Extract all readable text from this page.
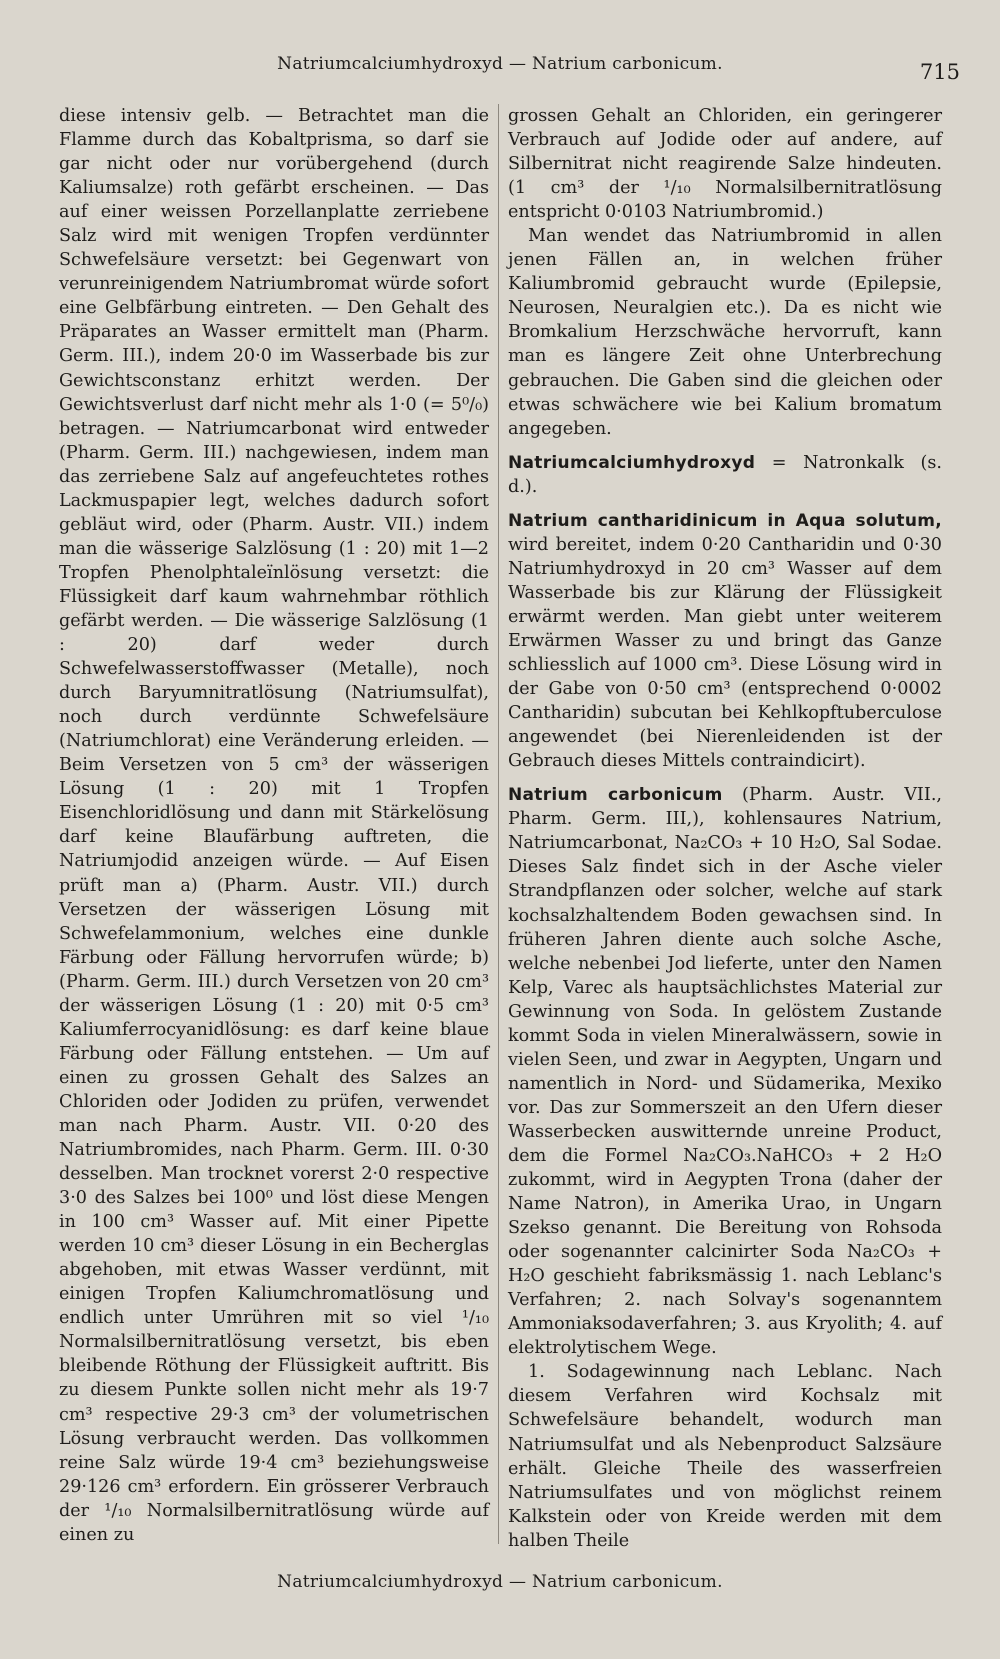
Natriumcalciumhydroxyd — Natrium carbonicum.	715

diese intensiv gelb. — Betrachtet man die Flamme durch das Kobaltprisma, so darf sie gar nicht oder nur vorübergehend (durch Kaliumsalze) roth gefärbt erscheinen. — Das auf einer weissen Porzellanplatte zerriebene Salz wird mit wenigen Tropfen verdünnter Schwefelsäure versetzt: bei Gegenwart von verunreinigendem Natriumbromat würde sofort eine Gelbfärbung eintreten. — Den Gehalt des Präparates an Wasser ermittelt man (Pharm. Germ. III.), indem 20·0 im Wasserbade bis zur Gewichtsconstanz erhitzt werden. Der Gewichtsverlust darf nicht mehr als 1·0 (= 5⁰/₀) betragen. — Natriumcarbonat wird entweder (Pharm. Germ. III.) nachgewiesen, indem man das zerriebene Salz auf angefeuchtetes rothes Lackmuspapier legt, welches dadurch sofort gebläut wird, oder (Pharm. Austr. VII.) indem man die wässerige Salzlösung (1 : 20) mit 1—2 Tropfen Phenolphtaleïnlösung versetzt: die Flüssigkeit darf kaum wahrnehmbar röthlich gefärbt werden. — Die wässerige Salzlösung (1 : 20) darf weder durch Schwefelwasserstoffwasser (Metalle), noch durch Baryumnitratlösung (Natriumsulfat), noch durch verdünnte Schwefelsäure (Natriumchlorat) eine Veränderung erleiden. — Beim Versetzen von 5 cm³ der wässerigen Lösung (1 : 20) mit 1 Tropfen Eisenchloridlösung und dann mit Stärkelösung darf keine Blaufärbung auftreten, die Natriumjodid anzeigen würde. — Auf Eisen prüft man a) (Pharm. Austr. VII.) durch Versetzen der wässerigen Lösung mit Schwefelammonium, welches eine dunkle Färbung oder Fällung hervorrufen würde; b) (Pharm. Germ. III.) durch Versetzen von 20 cm³ der wässerigen Lösung (1 : 20) mit 0·5 cm³ Kaliumferrocyanidlösung: es darf keine blaue Färbung oder Fällung entstehen. — Um auf einen zu grossen Gehalt des Salzes an Chloriden oder Jodiden zu prüfen, verwendet man nach Pharm. Austr. VII. 0·20 des Natriumbromides, nach Pharm. Germ. III. 0·30 desselben. Man trocknet vorerst 2·0 respective 3·0 des Salzes bei 100⁰ und löst diese Mengen in 100 cm³ Wasser auf. Mit einer Pipette werden 10 cm³ dieser Lösung in ein Becherglas abgehoben, mit etwas Wasser verdünnt, mit einigen Tropfen Kaliumchromatlösung und endlich unter Umrühren mit so viel ¹/₁₀ Normalsilbernitratlösung versetzt, bis eben bleibende Röthung der Flüssigkeit auftritt. Bis zu diesem Punkte sollen nicht mehr als 19·7 cm³ respective 29·3 cm³ der volumetrischen Lösung verbraucht werden. Das vollkommen reine Salz würde 19·4 cm³ beziehungsweise 29·126 cm³ erfordern. Ein grösserer Verbrauch der ¹/₁₀ Normalsilbernitratlösung würde auf einen zu

grossen Gehalt an Chloriden, ein geringerer Verbrauch auf Jodide oder auf andere, auf Silbernitrat nicht reagirende Salze hindeuten. (1 cm³ der ¹/₁₀ Normalsilbernitratlösung entspricht 0·0103 Natriumbromid.)

Man wendet das Natriumbromid in allen jenen Fällen an, in welchen früher Kaliumbromid gebraucht wurde (Epilepsie, Neurosen, Neuralgien etc.). Da es nicht wie Bromkalium Herzschwäche hervorruft, kann man es längere Zeit ohne Unterbrechung gebrauchen. Die Gaben sind die gleichen oder etwas schwächere wie bei Kalium bromatum angegeben.

Natriumcalciumhydroxyd = Natronkalk (s. d.).

Natrium cantharidinicum in Aqua solutum, wird bereitet, indem 0·20 Cantharidin und 0·30 Natriumhydroxyd in 20 cm³ Wasser auf dem Wasserbade bis zur Klärung der Flüssigkeit erwärmt werden. Man giebt unter weiterem Erwärmen Wasser zu und bringt das Ganze schliesslich auf 1000 cm³. Diese Lösung wird in der Gabe von 0·50 cm³ (entsprechend 0·0002 Cantharidin) subcutan bei Kehlkopftuberculose angewendet (bei Nierenleidenden ist der Gebrauch dieses Mittels contraindicirt).

Natrium carbonicum (Pharm. Austr. VII., Pharm. Germ. III,), kohlensaures Natrium, Natriumcarbonat, Na₂CO₃ + 10 H₂O, Sal Sodae. Dieses Salz findet sich in der Asche vieler Strandpflanzen oder solcher, welche auf stark kochsalzhaltendem Boden gewachsen sind. In früheren Jahren diente auch solche Asche, welche nebenbei Jod lieferte, unter den Namen Kelp, Varec als hauptsächlichstes Material zur Gewinnung von Soda. In gelöstem Zustande kommt Soda in vielen Mineralwässern, sowie in vielen Seen, und zwar in Aegypten, Ungarn und namentlich in Nord- und Südamerika, Mexiko vor. Das zur Sommerszeit an den Ufern dieser Wasserbecken auswitternde unreine Product, dem die Formel Na₂CO₃.NaHCO₃ + 2 H₂O zukommt, wird in Aegypten Trona (daher der Name Natron), in Amerika Urao, in Ungarn Szekso genannt. Die Bereitung von Rohsoda oder sogenannter calcinirter Soda Na₂CO₃ + H₂O geschieht fabriksmässig 1. nach Leblanc's Verfahren; 2. nach Solvay's sogenanntem Ammoniaksodaverfahren; 3. aus Kryolith; 4. auf elektrolytischem Wege.

1. Sodagewinnung nach Leblanc. Nach diesem Verfahren wird Kochsalz mit Schwefelsäure behandelt, wodurch man Natriumsulfat und als Nebenproduct Salzsäure erhält. Gleiche Theile des wasserfreien Natriumsulfates und von möglichst reinem Kalkstein oder von Kreide werden mit dem halben Theile

Natriumcalciumhydroxyd — Natrium carbonicum.
